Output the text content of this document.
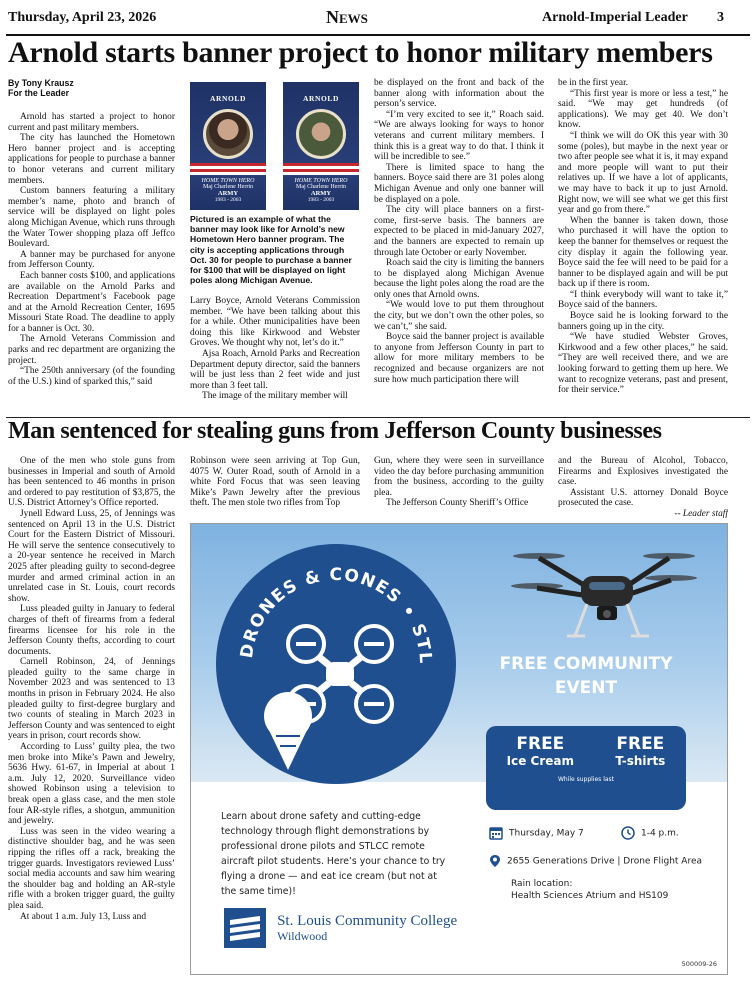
Thursday, April 23, 2026	News	Arnold-Imperial Leader 3
Arnold starts banner project to honor military members
By Tony Krausz
For the Leader

Arnold has started a project to honor current and past military members.

The city has launched the Hometown Hero banner project and is accepting applications for people to purchase a banner to honor veterans and current military members.

Custom banners featuring a military member’s name, photo and branch of service will be displayed on light poles along Michigan Avenue, which runs through the Water Tower shopping plaza off Jeffco Boulevard.

A banner may be purchased for anyone from Jefferson County.

Each banner costs $100, and applications are available on the Arnold Parks and Recreation Department’s Facebook page and at the Arnold Recreation Center, 1695 Missouri State Road. The deadline to apply for a banner is Oct. 30.

The Arnold Veterans Commission and parks and rec department are organizing the project.

“The 250th anniversary (of the founding of the U.S.) kind of sparked this,” said

ARNOLD
HOME TOWN HERO
Maj Charlene Herrin
ARMY
1983 - 2003
ARNOLD
HOME TOWN HERO
Maj Charlene Herrin
ARMY
1983 - 2003
Pictured is an example of what the banner may look like for Arnold’s new Hometown Hero banner program. The city is accepting applications through Oct. 30 for people to purchase a banner for $100 that will be displayed on light poles along Michigan Avenue.

Larry Boyce, Arnold Veterans Commission member. “We have been talking about this for a while. Other municipalities have been doing this like Kirkwood and Webster Groves. We thought why not, let’s do it.”

Ajsa Roach, Arnold Parks and Recreation Department deputy director, said the banners will be just less than 2 feet wide and just more than 3 feet tall.

The image of the military member will

be displayed on the front and back of the banner along with information about the person’s service.

“I’m very excited to see it,” Roach said. “We are always looking for ways to honor veterans and current military members. I think this is a great way to do that. I think it will be incredible to see.”

There is limited space to hang the banners. Boyce said there are 31 poles along Michigan Avenue and only one banner will be displayed on a pole.

The city will place banners on a first-come, first-serve basis. The banners are expected to be placed in mid-January 2027, and the banners are expected to remain up through late October or early November.

Roach said the city is limiting the banners to be displayed along Michigan Avenue because the light poles along the road are the only ones that Arnold owns.

“We would love to put them throughout the city, but we don’t own the other poles, so we can’t,” she said.

Boyce said the banner project is available to anyone from Jefferson County in part to allow for more military members to be recognized and because organizers are not sure how much participation there will

be in the first year.

“This first year is more or less a test,” he said. “We may get hundreds (of applications). We may get 40. We don’t know.

“I think we will do OK this year with 30 some (poles), but maybe in the next year or two after people see what it is, it may expand and more people will want to put their relatives up. If we have a lot of applicants, we may have to back it up to just Arnold. Right now, we will see what we get this first year and go from there.”

When the banner is taken down, those who purchased it will have the option to keep the banner for themselves or request the city display it again the following year. Boyce said the fee will need to be paid for a banner to be displayed again and will be put back up if there is room.

“I think everybody will want to take it,” Boyce said of the banners.

Boyce said he is looking forward to the banners going up in the city.

“We have studied Webster Groves, Kirkwood and a few other places,” he said. “They are well received there, and we are looking forward to getting them up here. We want to recognize veterans, past and present, for their service.”

Man sentenced for stealing guns from Jefferson County businesses

One of the men who stole guns from businesses in Imperial and south of Arnold has been sentenced to 46 months in prison and ordered to pay restitution of $3,875, the U.S. District Attorney’s Office reported.

Jynell Edward Luss, 25, of Jennings was sentenced on April 13 in the U.S. District Court for the Eastern District of Missouri. He will serve the sentence consecutively to a 20-year sentence he received in March 2025 after pleading guilty to second-degree murder and armed criminal action in an unrelated case in St. Louis, court records show.

Luss pleaded guilty in January to federal charges of theft of firearms from a federal firearms licensee for his role in the Jefferson County thefts, according to court documents.

Carnell Robinson, 24, of Jennings pleaded guilty to the same charge in November 2023 and was sentenced to 13 months in prison in February 2024. He also pleaded guilty to first-degree burglary and two counts of stealing in March 2023 in Jefferson County and was sentenced to eight years in prison, court records show.

According to Luss’ guilty plea, the two men broke into Mike’s Pawn and Jewelry, 5636 Hwy. 61-67, in Imperial at about 1 a.m. July 12, 2020. Surveillance video showed Robinson using a television to break open a glass case, and the men stole four AR-style rifles, a shotgun, ammunition and jewelry.

Luss was seen in the video wearing a distinctive shoulder bag, and he was seen ripping the rifles off a rack, breaking the trigger guards. Investigators reviewed Luss’ social media accounts and saw him wearing the shoulder bag and holding an AR-style rifle with a broken trigger guard, the guilty plea said.

At about 1 a.m. July 13, Luss and

Robinson were seen arriving at Top Gun, 4075 W. Outer Road, south of Arnold in a white Ford Focus that was seen leaving Mike’s Pawn Jewelry after the previous theft. The men stole two rifles from Top

Gun, where they were seen in surveillance video the day before purchasing ammunition from the business, according to the guilty plea.

The Jefferson County Sheriff’s Office

and the Bureau of Alcohol, Tobacco, Firearms and Explosives investigated the case.

Assistant U.S. attorney Donald Boyce prosecuted the case.

-- Leader staff
DRONES & CONES • STL	FREE COMMUNITY
EVENT
FREE
Ice Cream
FREE
T-shirts
While supplies last
Learn about drone safety and cutting-edge technology through flight demonstrations by professional drone pilots and STLCC remote aircraft pilot students. Here’s your chance to try flying a drone — and eat ice cream (but not at the same time)!
Thursday, May 7	1-4 p.m.
2655 Generations Drive | Drone Flight Area
Rain location:
Health Sciences Atrium and HS109

St. Louis Community College
Wildwood
500009-26
